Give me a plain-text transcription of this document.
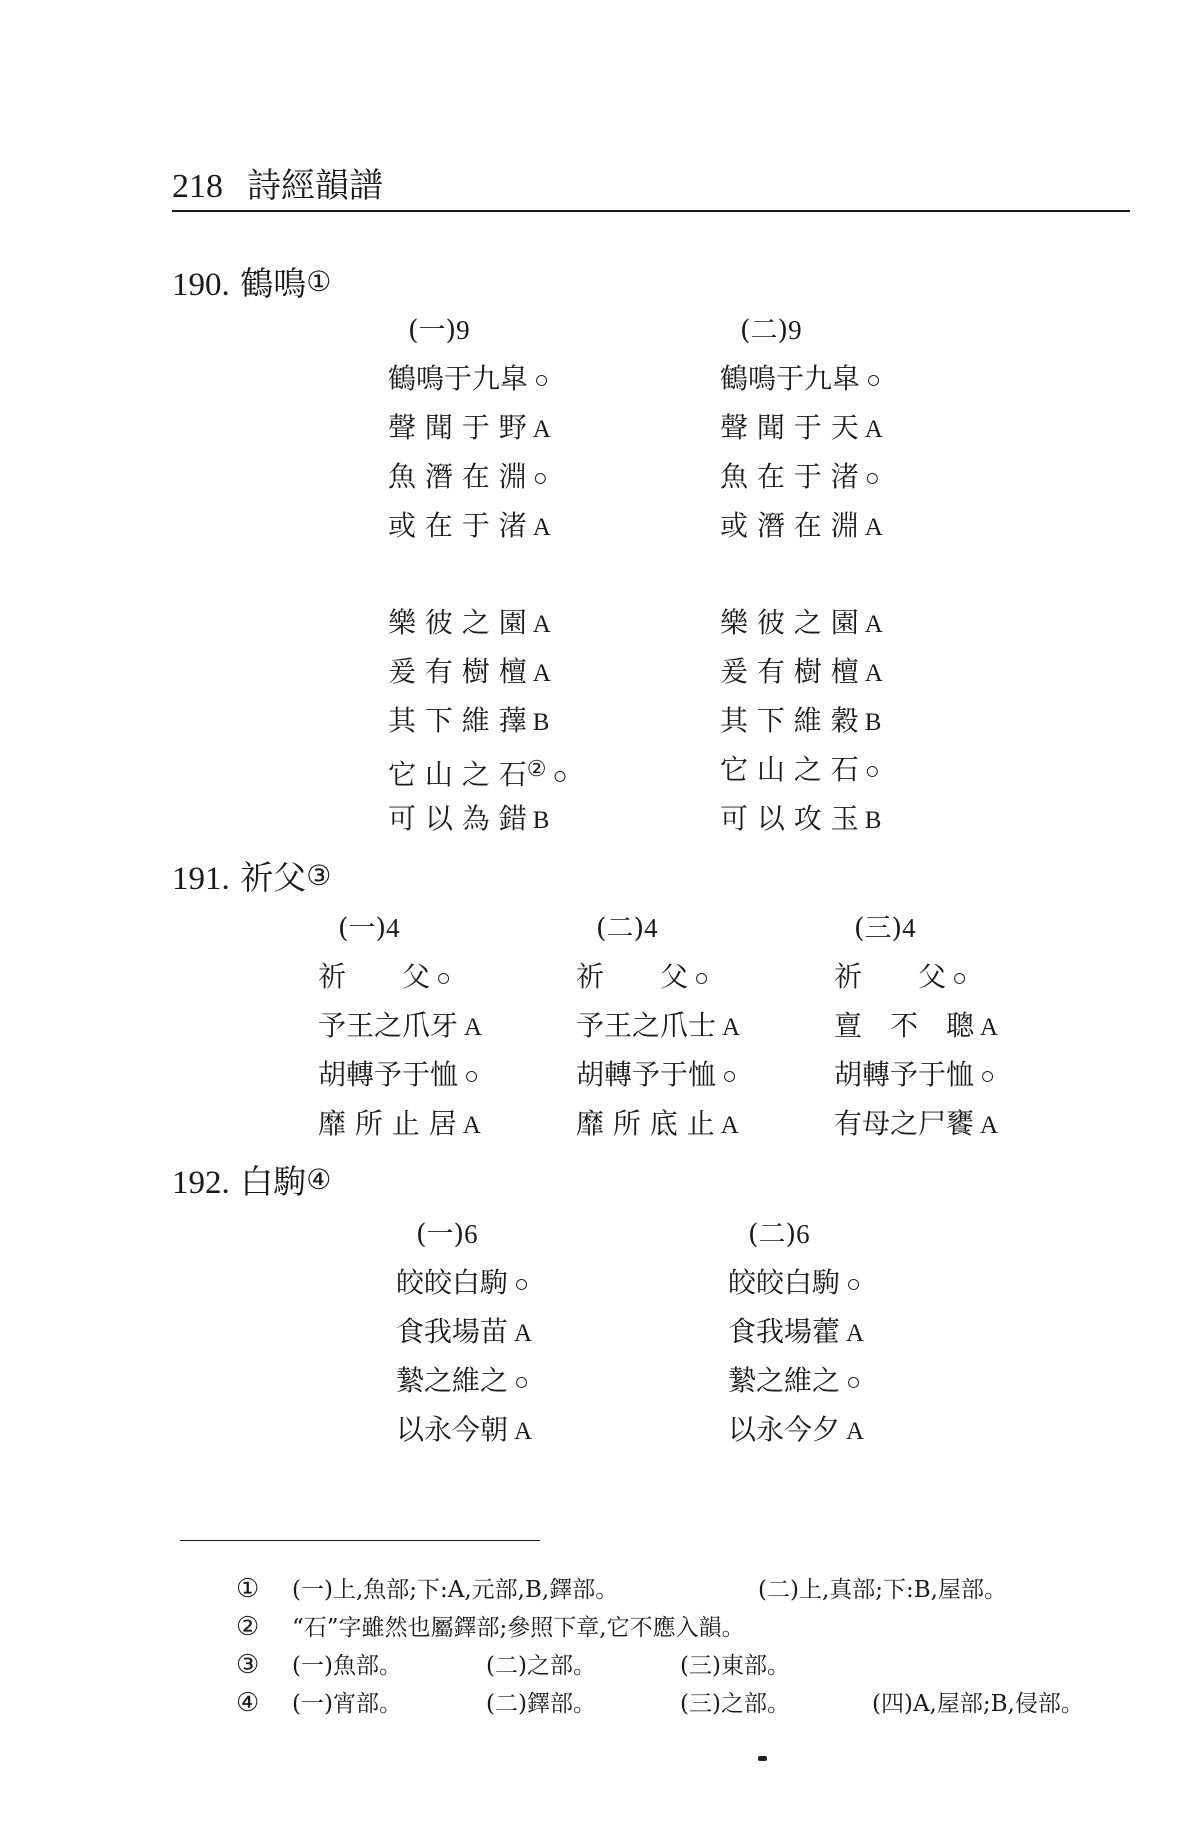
218 詩經韻譜
190. 鶴鳴①
(一)9
鶴鳴于九皐 ○
聲 聞 于 野 A
魚 潛 在 淵 ○
或 在 于 渚 A
樂 彼 之 園 A
爰 有 樹 檀 A
其 下 維 蘀 B
它 山 之 石② ○
可 以 為 錯 B
(二)9
鶴鳴于九皐 ○
聲 聞 于 天 A
魚 在 于 渚 ○
或 潛 在 淵 A
樂 彼 之 園 A
爰 有 樹 檀 A
其 下 維 穀 B
它 山 之 石 ○
可 以 攻 玉 B
191. 祈父③
(一)4
祈　　父 ○
予王之爪牙 A
胡轉予于恤 ○
靡 所 止 居 A
(二)4
祈　　父 ○
予王之爪士 A
胡轉予于恤 ○
靡 所 底 止 A
(三)4
祈　　父 ○
亶　不　聰 A
胡轉予于恤 ○
有母之尸饔 A
192. 白駒④
(一)6
皎皎白駒 ○
食我場苗 A
縶之維之 ○
以永今朝 A
(二)6
皎皎白駒 ○
食我場藿 A
縶之維之 ○
以永今夕 A
① (一)上,魚部;下:A,元部,B,鐸部。	(二)上,真部;下:B,屋部。
② “石”字雖然也屬鐸部;參照下章,它不應入韻。
③ (一)魚部。	(二)之部。	(三)東部。
④ (一)宵部。	(二)鐸部。	(三)之部。	(四)A,屋部;B,侵部。
